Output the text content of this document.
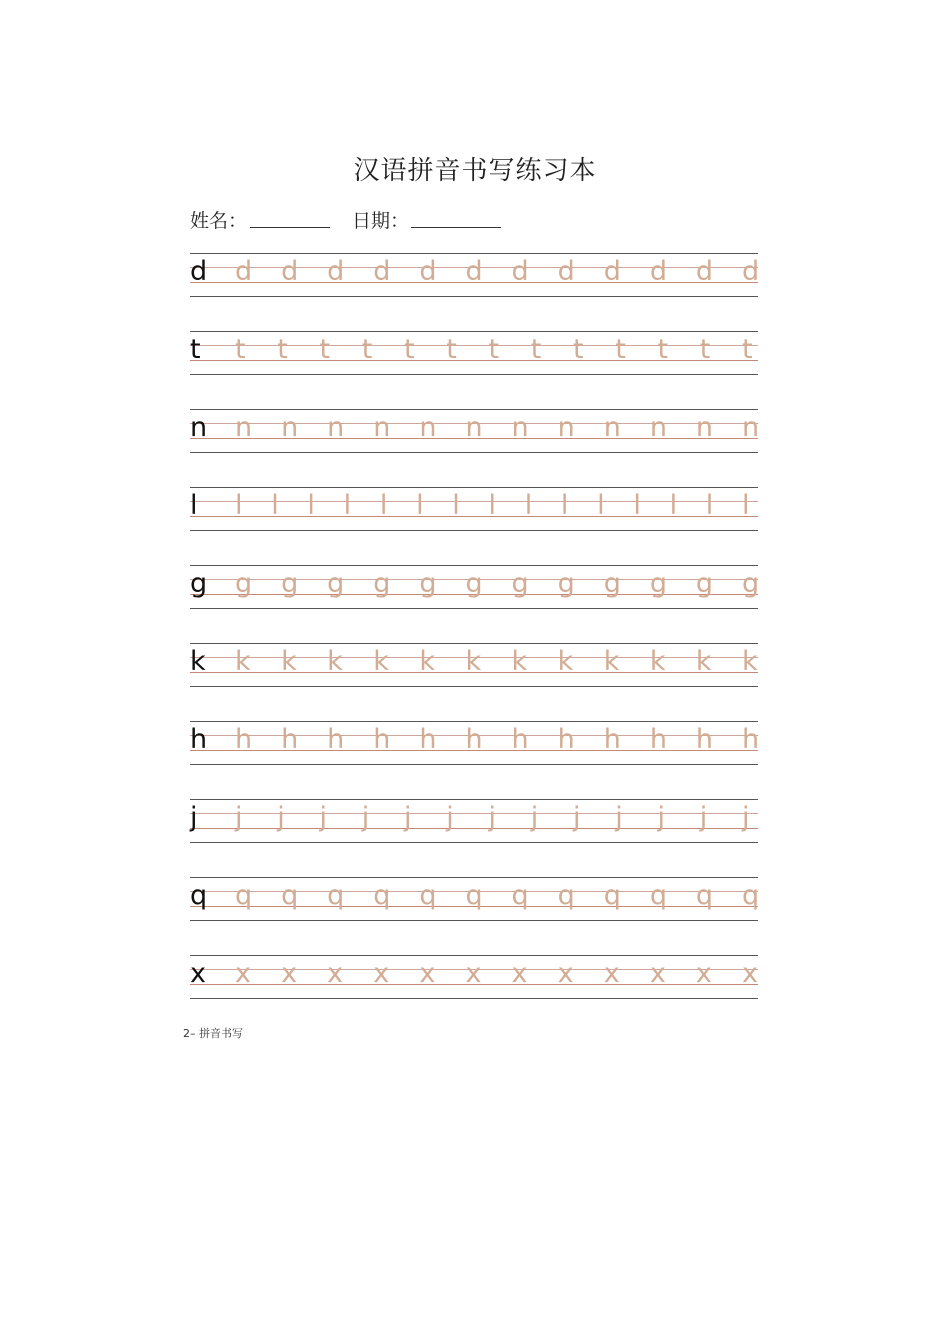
汉语拼音书写练习本
姓名：	日期：
d d d d d d d d d d d d d
t t t t t t t t t t t t t t
n n n n n n n n n n n n n
l l l l l l l l l l l l l l l l
g g g g g g g g g g g g g
k k k k k k k k k k k k k
h h h h h h h h h h h h h
j j j j j j j j j j j j j j
q q q q q q q q q q q q q
x x x x x x x x x x x x x
2– 拼音书写
